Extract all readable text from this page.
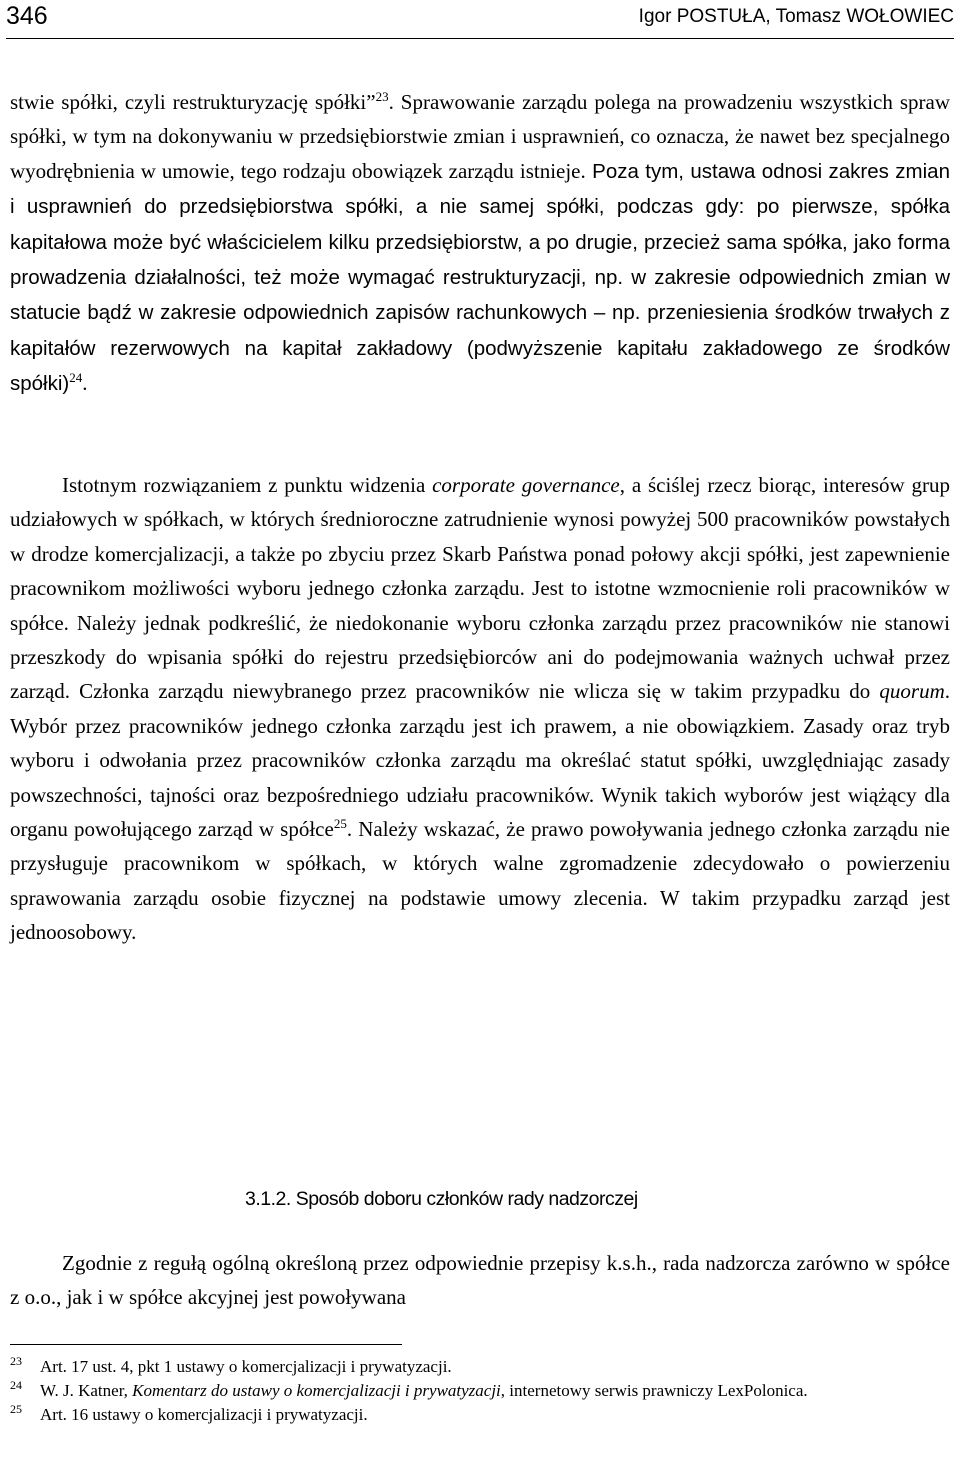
346	Igor POSTUŁA, Tomasz WOŁOWIEC

stwie spółki, czyli restrukturyzację spółki”$^{23}$. Sprawowanie zarządu polega na prowadzeniu wszystkich spraw spółki, w tym na dokonywaniu w przedsiębiorstwie zmian i usprawnień, co oznacza, że nawet bez specjalnego wyodrębnienia w umowie, tego rodzaju obowiązek zarządu istnieje. Poza tym, ustawa odnosi zakres zmian i usprawnień do przedsiębiorstwa spółki, a nie samej spółki, podczas gdy: po pierwsze, spółka kapitałowa może być właścicielem kilku przedsiębiorstw, a po drugie, przecież sama spółka, jako forma prowadzenia działalności, też może wymagać restrukturyzacji, np. w zakresie odpowiednich zmian w statucie bądź w zakresie odpowiednich zapisów rachunkowych – np. przeniesienia środków trwałych z kapitałów rezerwowych na kapitał zakładowy (podwyższenie kapitału zakładowego ze środków spółki)$^{24}$.

Istotnym rozwiązaniem z punktu widzenia corporate governance, a ściślej rzecz biorąc, interesów grup udziałowych w spółkach, w których średnioroczne zatrudnienie wynosi powyżej 500 pracowników powstałych w drodze komercjalizacji, a także po zbyciu przez Skarb Państwa ponad połowy akcji spółki, jest zapewnienie pracownikom możliwości wyboru jednego członka zarządu. Jest to istotne wzmocnienie roli pracowników w spółce. Należy jednak podkreślić, że niedokonanie wyboru członka zarządu przez pracowników nie stanowi przeszkody do wpisania spółki do rejestru przedsiębiorców ani do podejmowania ważnych uchwał przez zarząd. Członka zarządu niewybranego przez pracowników nie wlicza się w takim przypadku do quorum. Wybór przez pracowników jednego członka zarządu jest ich prawem, a nie obowiązkiem. Zasady oraz tryb wyboru i odwołania przez pracowników członka zarządu ma określać statut spółki, uwzględniając zasady powszechności, tajności oraz bezpośredniego udziału pracowników. Wynik takich wyborów jest wiążący dla organu powołującego zarząd w spółce$^{25}$. Należy wskazać, że prawo powoływania jednego członka zarządu nie przysługuje pracownikom w spółkach, w których walne zgromadzenie zdecydowało o powierzeniu sprawowania zarządu osobie fizycznej na podstawie umowy zlecenia. W takim przypadku zarząd jest jednoosobowy.

3.1.2. Sposób doboru członków rady nadzorczej

Zgodnie z regułą ogólną określoną przez odpowiednie przepisy k.s.h., rada nadzorcza zarówno w spółce z o.o., jak i w spółce akcyjnej jest powoływana

23 Art. 17 ust. 4, pkt 1 ustawy o komercjalizacji i prywatyzacji.
24 W. J. Katner, Komentarz do ustawy o komercjalizacji i prywatyzacji, internetowy serwis prawniczy LexPolonica.
25 Art. 16 ustawy o komercjalizacji i prywatyzacji.
